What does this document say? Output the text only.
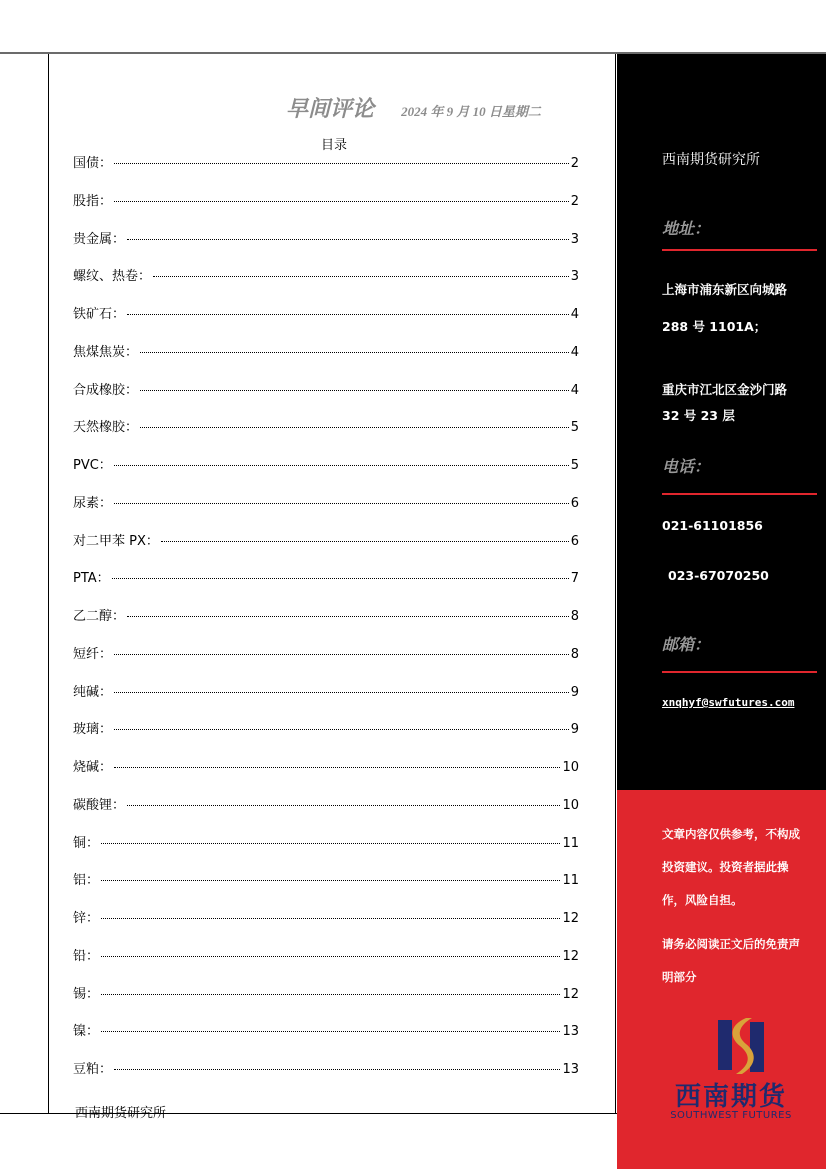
早间评论 2024 年 9 月 10 日星期二
目录
国债：	2
股指：	2
贵金属：	3
螺纹、热卷：	3
铁矿石：	4
焦煤焦炭：	4
合成橡胶：	4
天然橡胶：	5
PVC：	5
尿素：	6
对二甲苯 PX：	6
PTA：	7
乙二醇：	8
短纤：	8
纯碱：	9
玻璃：	9
烧碱：	10
碳酸锂：	10
铜：	11
铝：	11
锌：	12
铅：	12
锡：	12
镍：	13
豆粕：	13
西南期货研究所
西南期货研究所
地址：
上海市浦东新区向城路
288 号 1101A；
重庆市江北区金沙门路
32 号 23 层
电话：
021-61101856
023-67070250
邮箱：
xnqhyf@swfutures.com
文章内容仅供参考，不构成
投资建议。投资者据此操
作，风险自担。
请务必阅读正文后的免责声
明部分
西南期货
SOUTHWEST FUTURES
